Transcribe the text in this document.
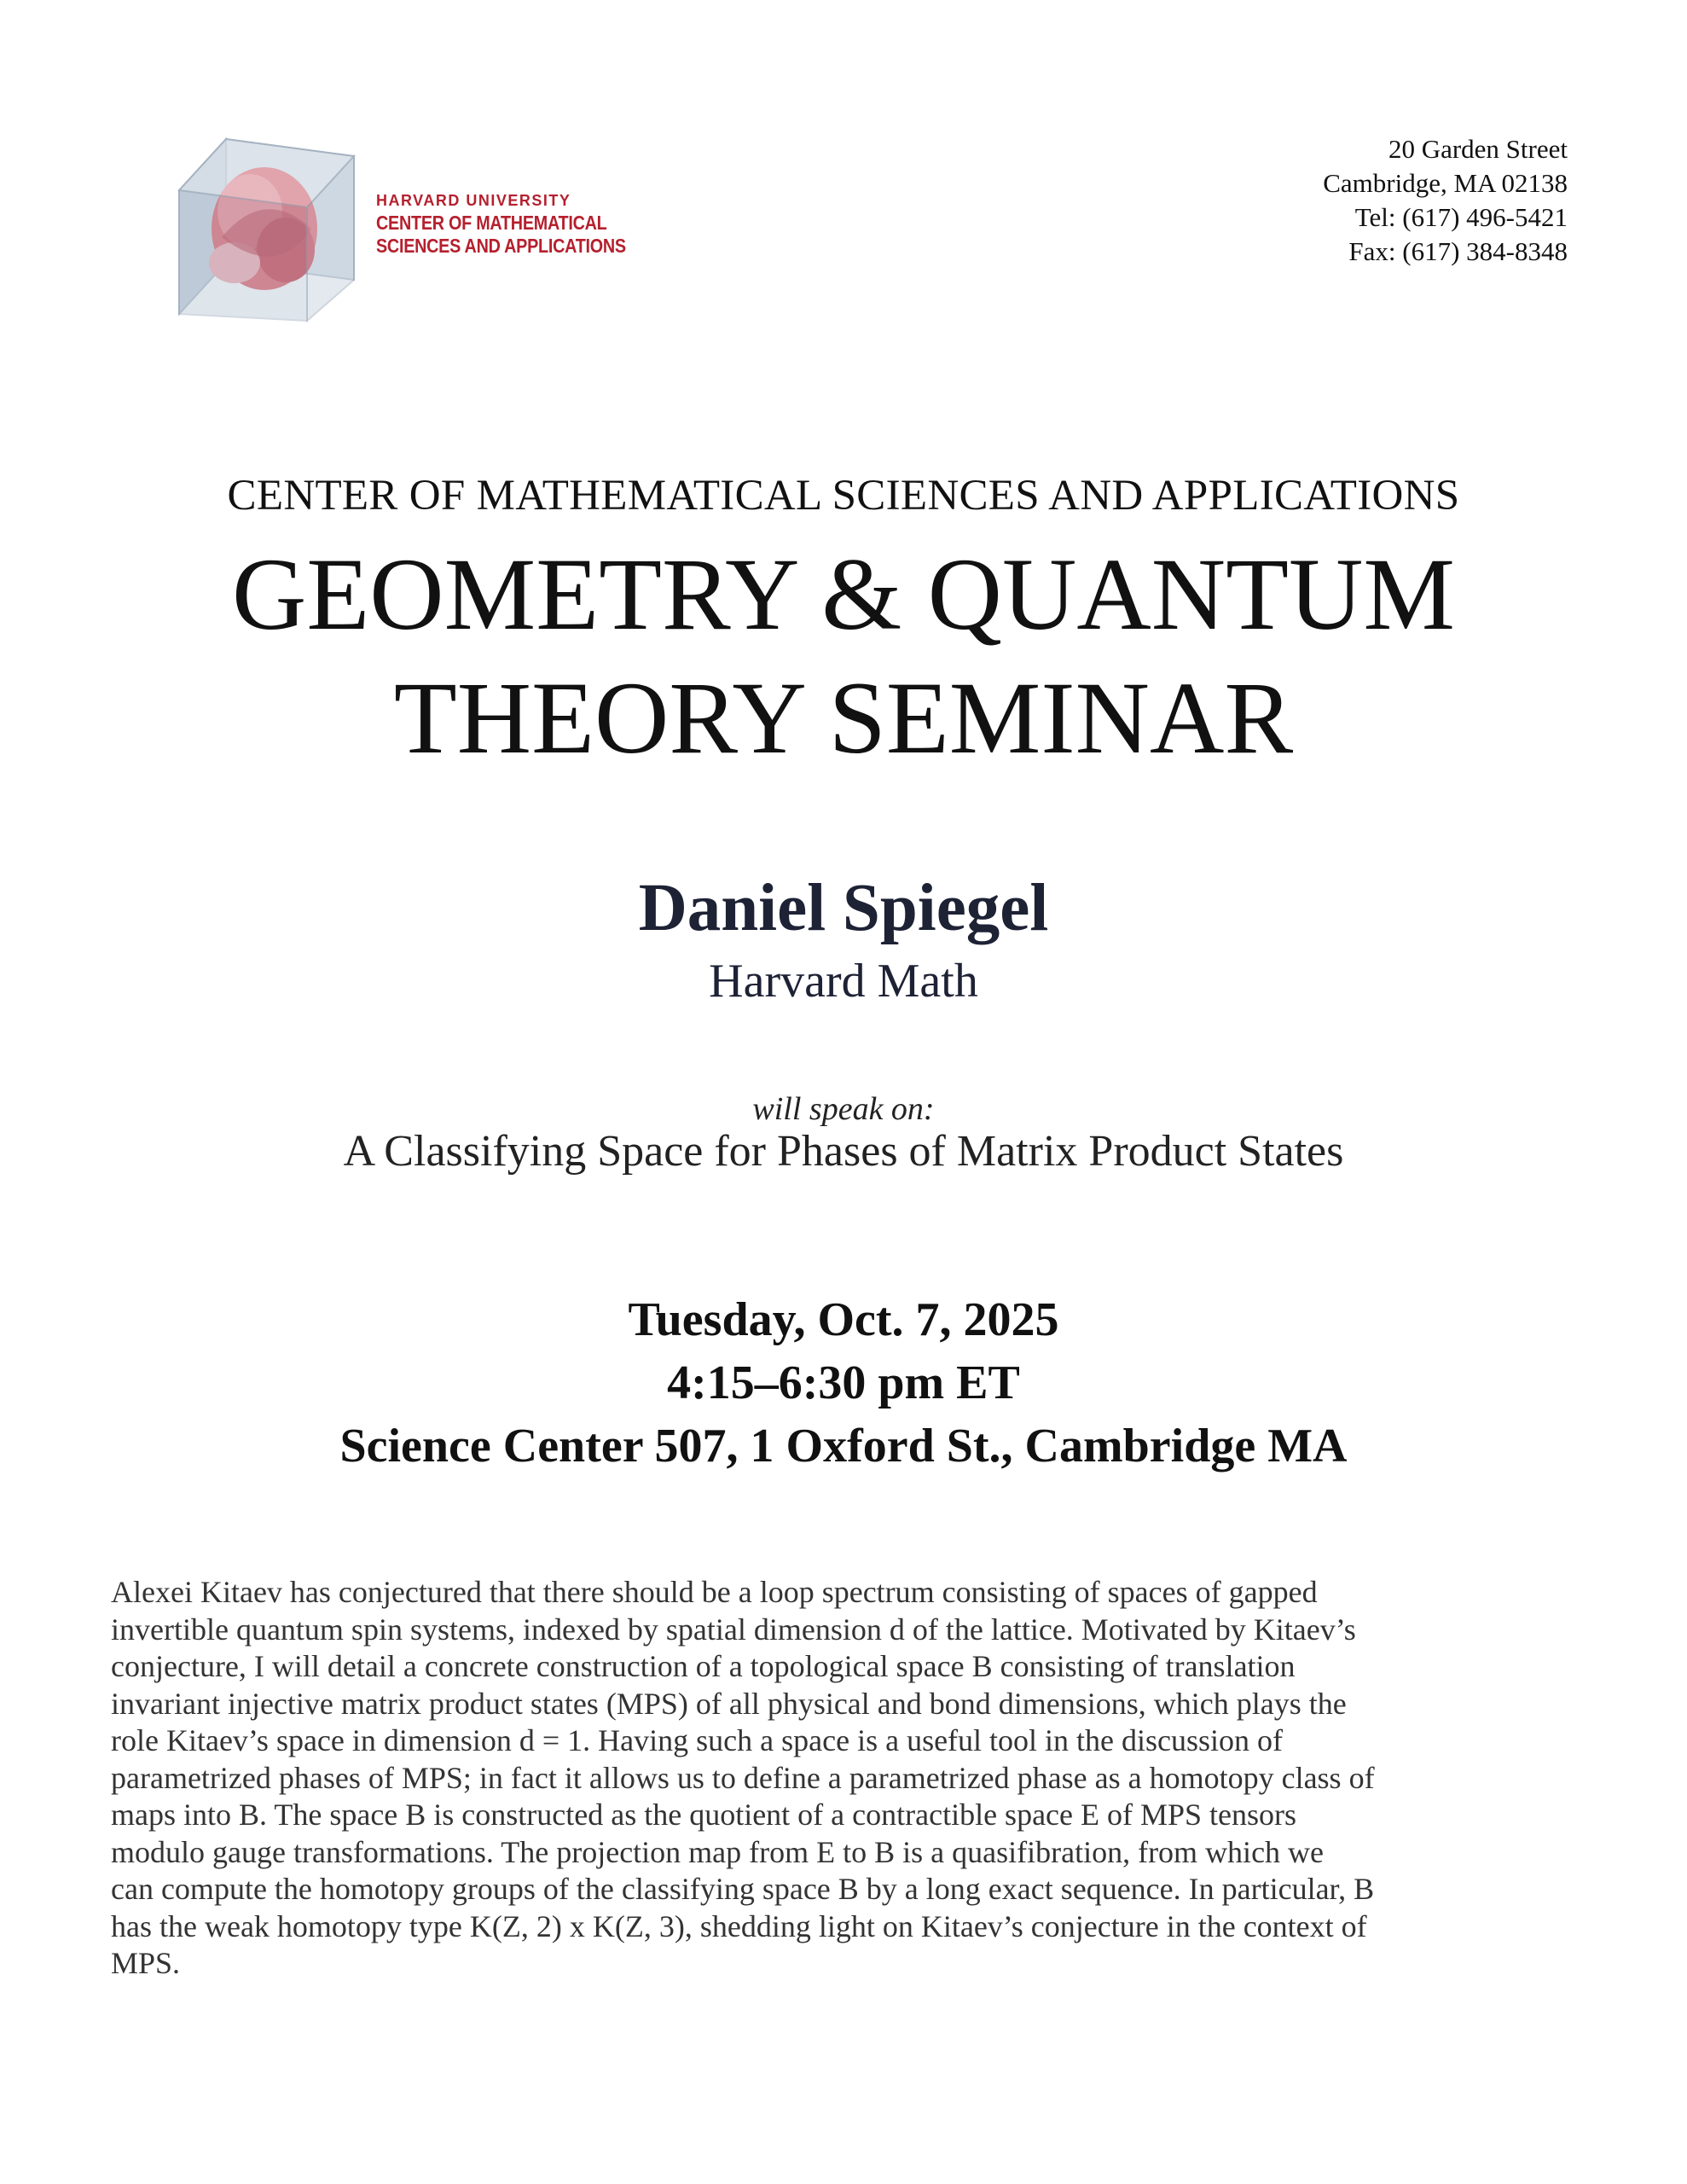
HARVARD UNIVERSITY
CENTER OF MATHEMATICAL
SCIENCES AND APPLICATIONS
20 Garden Street
Cambridge, MA 02138
Tel: (617) 496-5421
Fax: (617) 384-8348
CENTER OF MATHEMATICAL SCIENCES AND APPLICATIONS
GEOMETRY & QUANTUM
THEORY SEMINAR
Daniel Spiegel
Harvard Math
will speak on:
A Classifying Space for Phases of Matrix Product States
Tuesday, Oct. 7, 2025
4:15–6:30 pm ET
Science Center 507, 1 Oxford St., Cambridge MA
Alexei Kitaev has conjectured that there should be a loop spectrum consisting of spaces of gapped
invertible quantum spin systems, indexed by spatial dimension d of the lattice. Motivated by Kitaev’s
conjecture, I will detail a concrete construction of a topological space B consisting of translation
invariant injective matrix product states (MPS) of all physical and bond dimensions, which plays the
role Kitaev’s space in dimension d = 1. Having such a space is a useful tool in the discussion of
parametrized phases of MPS; in fact it allows us to define a parametrized phase as a homotopy class of
maps into B. The space B is constructed as the quotient of a contractible space E of MPS tensors
modulo gauge transformations. The projection map from E to B is a quasifibration, from which we
can compute the homotopy groups of the classifying space B by a long exact sequence. In particular, B
has the weak homotopy type K(Z, 2) x K(Z, 3), shedding light on Kitaev’s conjecture in the context of
MPS.
